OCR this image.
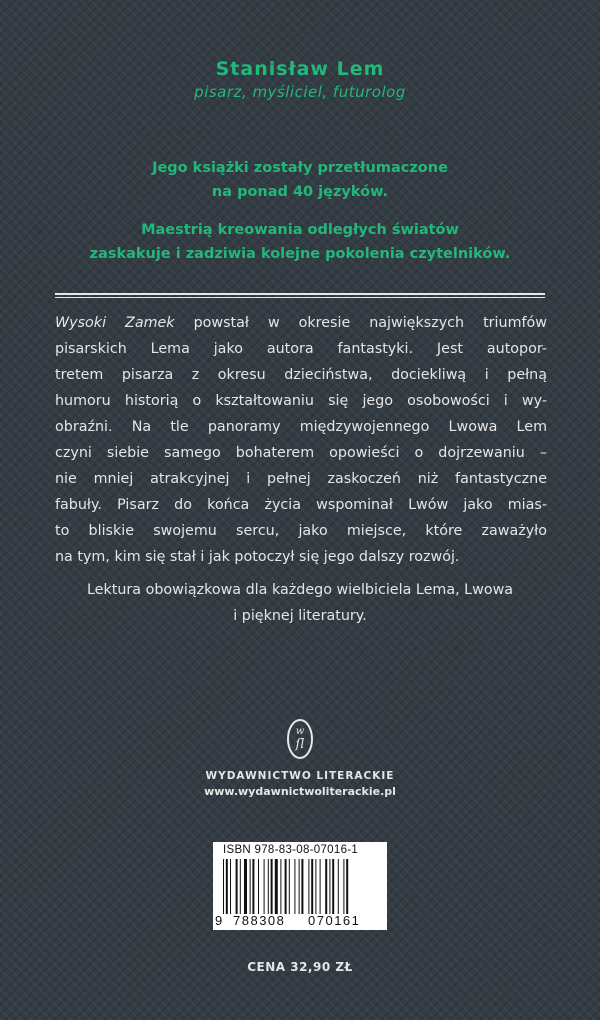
Stanisław Lem
pisarz, myśliciel, futurolog
Jego książki zostały przetłumaczone
na ponad 40 języków.
Maestrią kreowania odległych światów
zaskakuje i zadziwia kolejne pokolenia czytelników.
Wysoki Zamek powstał w okresie największych triumfów
pisarskich Lema jako autora fantastyki. Jest autopor-
tretem pisarza z okresu dzieciństwa, dociekliwą i pełną
humoru historią o kształtowaniu się jego osobowości i wy-
obraźni. Na tle panoramy międzywojennego Lwowa Lem
czyni siebie samego bohaterem opowieści o dojrzewaniu –
nie mniej atrakcyjnej i pełnej zaskoczeń niż fantastyczne
fabuły. Pisarz do końca życia wspominał Lwów jako mias-
to bliskie swojemu sercu, jako miejsce, które zaważyło
na tym, kim się stał i jak potoczył się jego dalszy rozwój.
Lektura obowiązkowa dla każdego wielbiciela Lema, Lwowa
i pięknej literatury.
w
ſl
WYDAWNICTWO LITERACKIE
www.wydawnictwoliterackie.pl
ISBN 978-83-08-07016-1
9 788308 070161
CENA 32,90 ZŁ
